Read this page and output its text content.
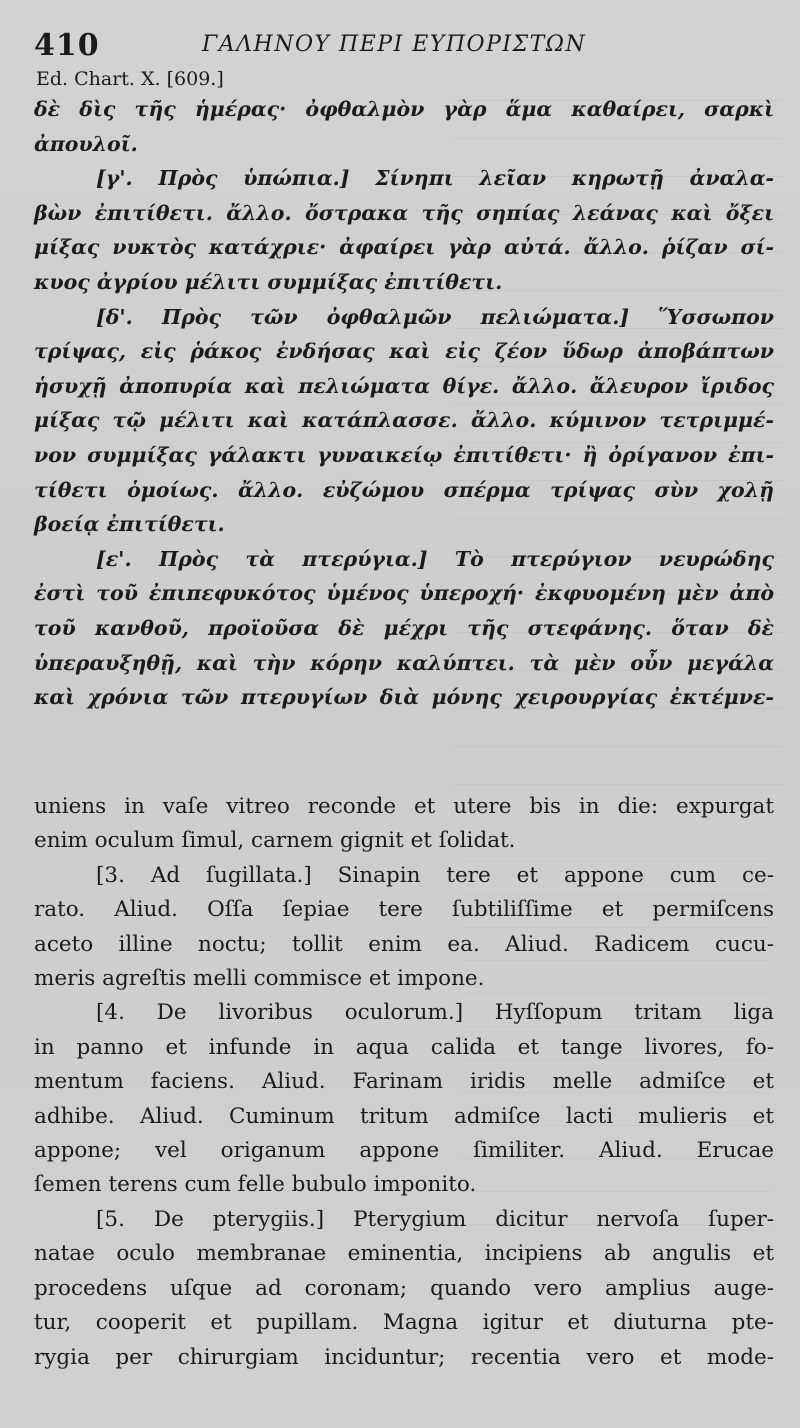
410	ΓΑΛΗΝΟΥ ΠΕΡΙ ΕΥΠΟΡΙΣΤΩΝ
Ed. Chart. X. [609.]
δὲ δὶς τῆς ἡμέρας· ὀφθαλμὸν γὰρ ἅμα καθαίρει, σαρκὶ
ἀπουλοῖ.
[γ'. Πρὸς ὑπώπια.] Σίνηπι λεῖαν κηρωτῇ ἀναλα-
βὼν ἐπιτίθετι. ἄλλο. ὄστρακα τῆς σηπίας λεάνας καὶ ὄξει
μίξας νυκτὸς κατάχριε· ἀφαίρει γὰρ αὐτά. ἄλλο. ῥίζαν σί-
κυος ἀγρίου μέλιτι συμμίξας ἐπιτίθετι.
[δ'. Πρὸς τῶν ὀφθαλμῶν πελιώματα.] Ὕσσωπον
τρίψας, εἰς ῥάκος ἐνδήσας καὶ εἰς ζέον ὕδωρ ἀποβάπτων
ἡσυχῇ ἀποπυρία καὶ πελιώματα θίγε. ἄλλο. ἄλευρον ἴριδος
μίξας τῷ μέλιτι καὶ κατάπλασσε. ἄλλο. κύμινον τετριμμέ-
νον συμμίξας γάλακτι γυναικείῳ ἐπιτίθετι· ἢ ὀρίγανον ἐπι-
τίθετι ὁμοίως. ἄλλο. εὐζώμου σπέρμα τρίψας σὺν χολῇ
βοείᾳ ἐπιτίθετι.
[ε'. Πρὸς τὰ πτερύγια.] Τὸ πτερύγιον νευρώδης
ἐστὶ τοῦ ἐπιπεφυκότος ὑμένος ὑπεροχή· ἐκφυομένη μὲν ἀπὸ
τοῦ κανθοῦ, προϊοῦσα δὲ μέχρι τῆς στεφάνης. ὅταν δὲ
ὑπεραυξηθῇ, καὶ τὴν κόρην καλύπτει. τὰ μὲν οὖν μεγάλα
καὶ χρόνια τῶν πτερυγίων διὰ μόνης χειρουργίας ἐκτέμνε-
uniens in vaſe vitreo reconde et utere bis in die: expurgat
enim oculum ſimul, carnem gignit et ſolidat.
[3. Ad ſugillata.] Sinapin tere et appone cum ce-
rato. Aliud. Oſſa ſepiae tere ſubtiliſſime et permiſcens
aceto illine noctu; tollit enim ea. Aliud. Radicem cucu-
meris agreſtis melli commisce et impone.
[4. De livoribus oculorum.] Hyſſopum tritam liga
in panno et infunde in aqua calida et tange livores, fo-
mentum faciens. Aliud. Farinam iridis melle admiſce et
adhibe. Aliud. Cuminum tritum admiſce lacti mulieris et
appone; vel origanum appone ſimiliter. Aliud. Erucae
ſemen terens cum felle bubulo imponito.
[5. De pterygiis.] Pterygium dicitur nervoſa ſuper-
natae oculo membranae eminentia, incipiens ab angulis et
procedens uſque ad coronam; quando vero amplius auge-
tur, cooperit et pupillam. Magna igitur et diuturna pte-
rygia per chirurgiam inciduntur; recentia vero et mode-
